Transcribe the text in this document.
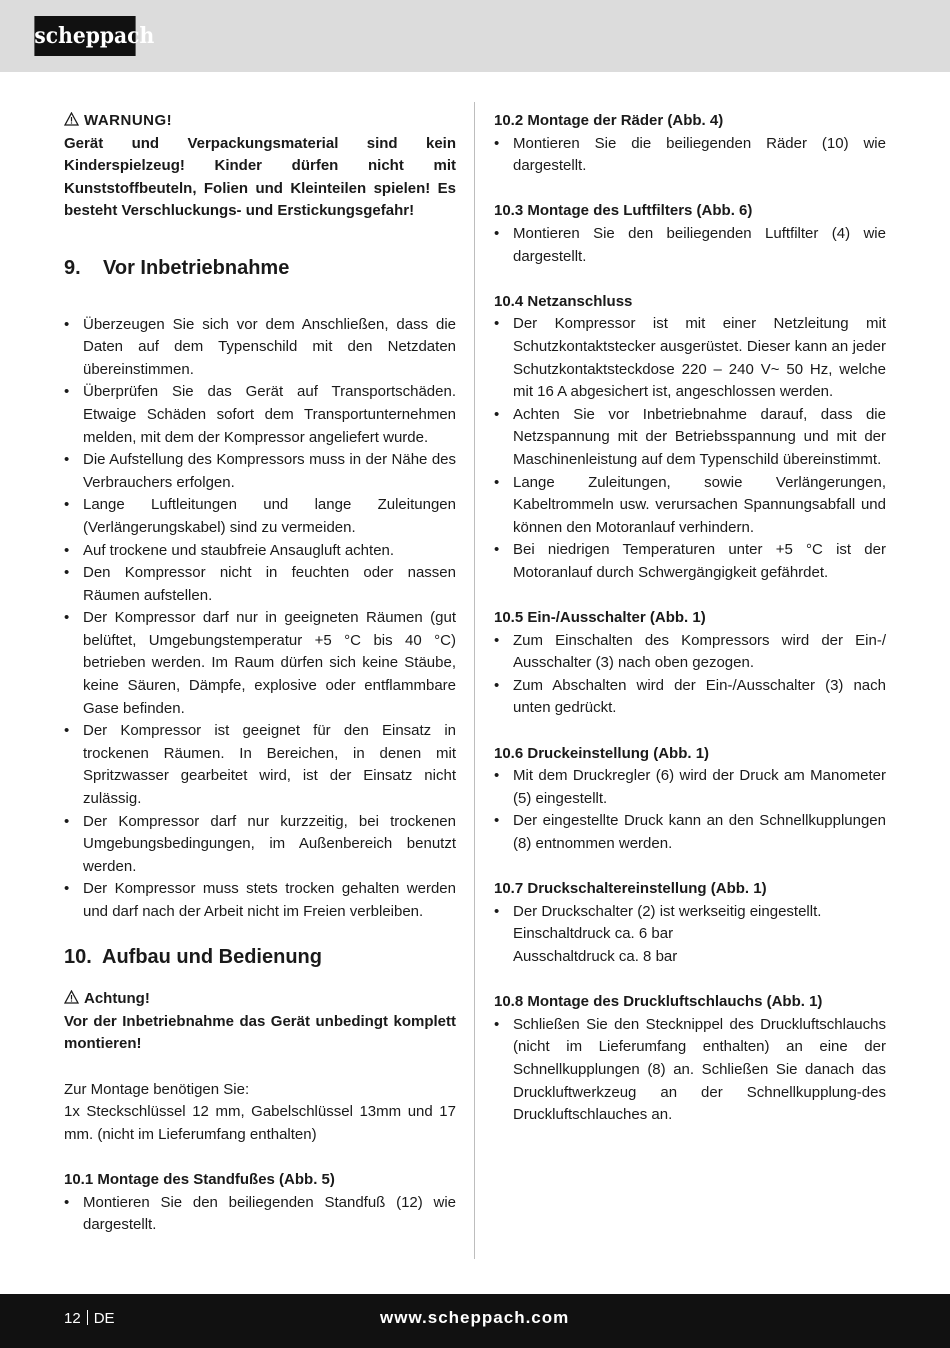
scheppach

WARNUNG!

Gerät und Verpackungsmaterial sind kein Kinderspielzeug! Kinder dürfen nicht mit Kunststoffbeuteln, Folien und Kleinteilen spielen! Es besteht Verschluckungs- und Erstickungsgefahr!

9.	Vor Inbetriebnahme
• Überzeugen Sie sich vor dem Anschließen, dass die Daten auf dem Typenschild mit den Netzdaten übereinstimmen.
• Überprüfen Sie das Gerät auf Transportschäden. Etwaige Schäden sofort dem Transportunternehmen melden, mit dem der Kompressor angeliefert wurde.
• Die Aufstellung des Kompressors muss in der Nähe des Verbrauchers erfolgen.
• Lange Luftleitungen und lange Zuleitungen (Verlängerungskabel) sind zu vermeiden.
• Auf trockene und staubfreie Ansaugluft achten.
• Den Kompressor nicht in feuchten oder nassen Räumen aufstellen.
• Der Kompressor darf nur in geeigneten Räumen (gut belüftet, Umgebungstemperatur +5 °C bis 40 °C) betrieben werden. Im Raum dürfen sich keine Stäube, keine Säuren, Dämpfe, explosive oder entflammbare Gase befinden.
• Der Kompressor ist geeignet für den Einsatz in trockenen Räumen. In Bereichen, in denen mit Spritzwasser gearbeitet wird, ist der Einsatz nicht zulässig.
• Der Kompressor darf nur kurzzeitig, bei trockenen Umgebungsbedingungen, im Außenbereich benutzt werden.
• Der Kompressor muss stets trocken gehalten werden und darf nach der Arbeit nicht im Freien verbleiben.
10. Aufbau und Bedienung

Achtung!

Vor der Inbetriebnahme das Gerät unbedingt komplett montieren!

Zur Montage benötigen Sie:

1x Steckschlüssel 12 mm, Gabelschlüssel 13mm und 17 mm. (nicht im Lieferumfang enthalten)

10.1 Montage des Standfußes (Abb. 5)

• Montieren Sie den beiliegenden Standfuß (12) wie dargestellt.

10.2 Montage der Räder (Abb. 4)

• Montieren Sie die beiliegenden Räder (10) wie dargestellt.

10.3 Montage des Luftfilters (Abb. 6)

• Montieren Sie den beiliegenden Luftfilter (4) wie dargestellt.

10.4 Netzanschluss

• Der Kompressor ist mit einer Netzleitung mit Schutzkontaktstecker ausgerüstet. Dieser kann an jeder Schutzkontaktsteckdose 220 – 240 V~ 50 Hz, welche mit 16 A abgesichert ist, angeschlossen werden.
• Achten Sie vor Inbetriebnahme darauf, dass die Netzspannung mit der Betriebsspannung und mit der Maschinenleistung auf dem Typenschild übereinstimmt.
• Lange Zuleitungen, sowie Verlängerungen, Kabeltrommeln usw. verursachen Spannungsabfall und können den Motoranlauf verhindern.
• Bei niedrigen Temperaturen unter +5 °C ist der Motoranlauf durch Schwergängigkeit gefährdet.

10.5 Ein-/Ausschalter (Abb. 1)

• Zum Einschalten des Kompressors wird der Ein-/ Ausschalter (3) nach oben gezogen.
• Zum Abschalten wird der Ein-/Ausschalter (3) nach unten gedrückt.

10.6 Druckeinstellung (Abb. 1)

• Mit dem Druckregler (6) wird der Druck am Manometer (5) eingestellt.
• Der eingestellte Druck kann an den Schnellkupplungen (8) entnommen werden.

10.7 Druckschaltereinstellung (Abb. 1)

• Der Druckschalter (2) ist werkseitig eingestellt.
Einschaltdruck ca. 6 bar
Ausschaltdruck ca. 8 bar

10.8 Montage des Druckluftschlauchs (Abb. 1)

• Schließen Sie den Stecknippel des Druckluftschlauchs (nicht im Lieferumfang enthalten) an eine der Schnellkupplungen (8) an. Schließen Sie danach das Druckluftwerkzeug an der Schnellkupplung-des Druckluftschlauches an.
12 DE	www.scheppach.com
